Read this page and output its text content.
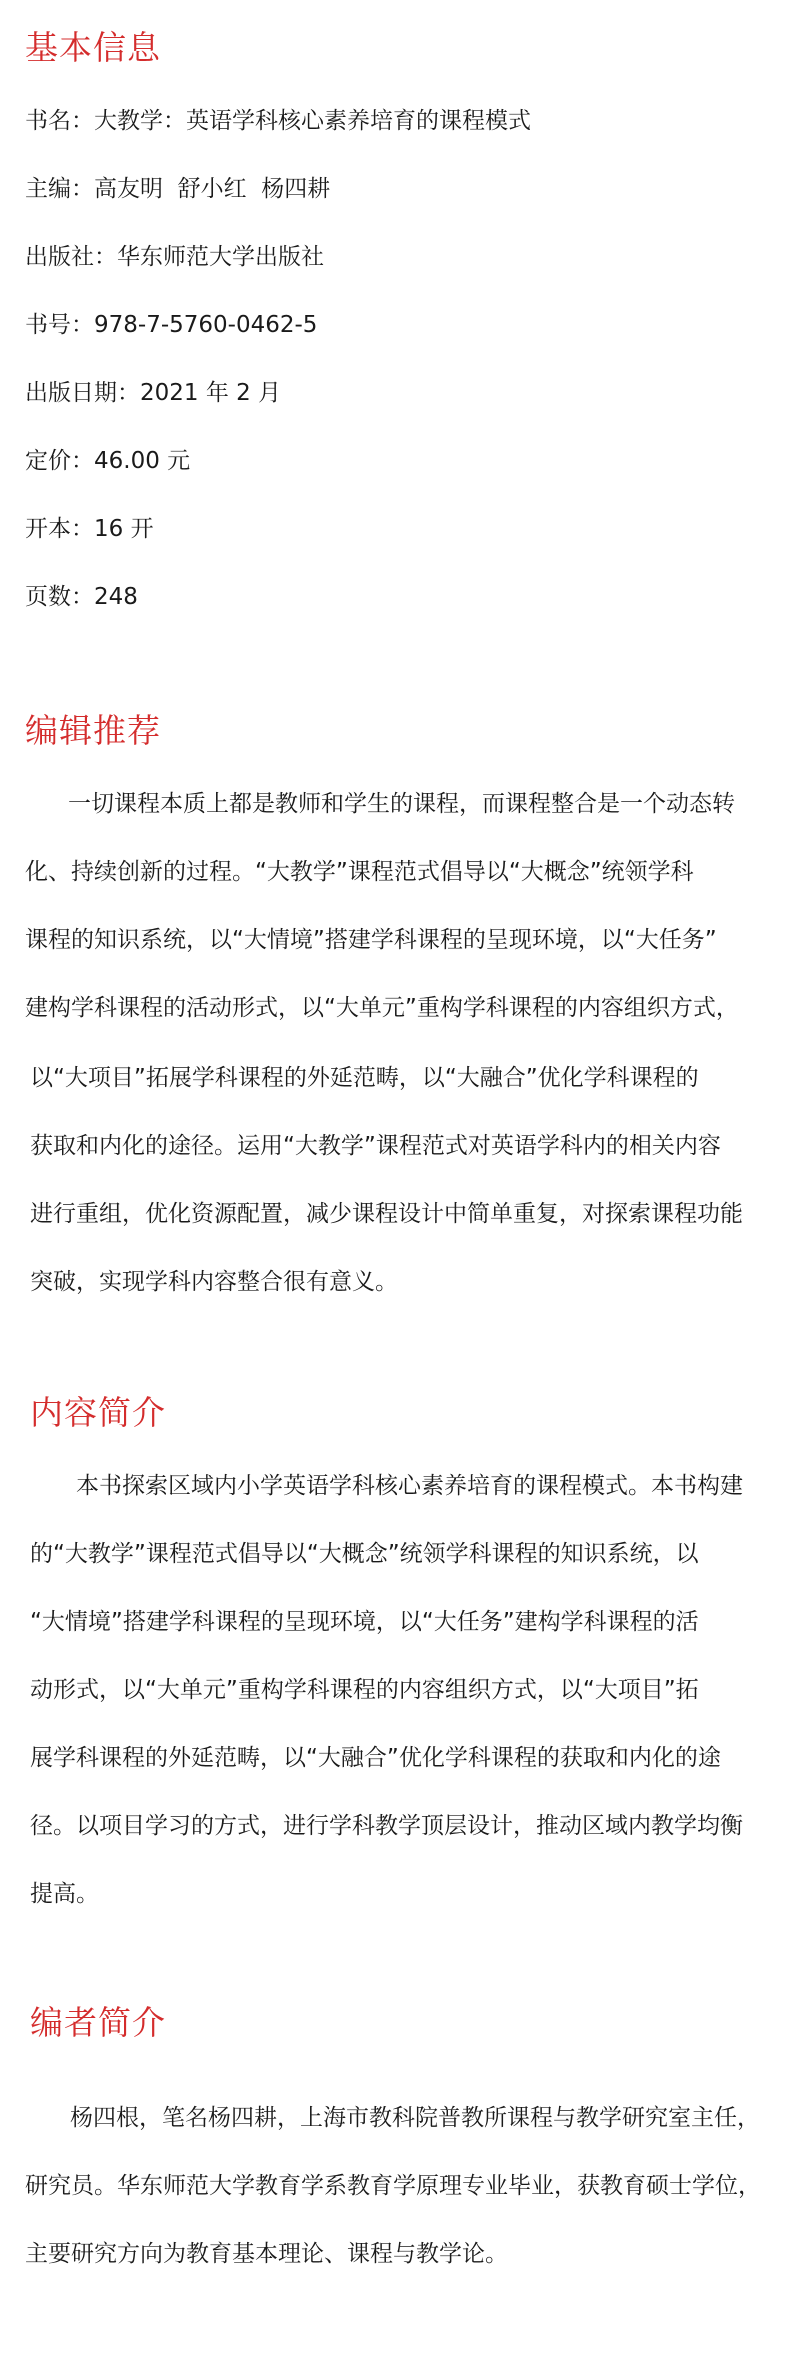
基本信息

书名：大教学：英语学科核心素养培育的课程模式

主编：高友明  舒小红  杨四耕

出版社：华东师范大学出版社

书号：978-7-5760-0462-5

出版日期：2021 年 2 月

定价：46.00 元

开本：16 开

页数：248

编辑推荐
一切课程本质上都是教师和学生的课程，而课程整合是一个动态转
化、持续创新的过程。“大教学”课程范式倡导以“大概念”统领学科
课程的知识系统，以“大情境”搭建学科课程的呈现环境，以“大任务”
建构学科课程的活动形式，以“大单元”重构学科课程的内容组织方式，
以“大项目”拓展学科课程的外延范畴，以“大融合”优化学科课程的
获取和内化的途径。运用“大教学”课程范式对英语学科内的相关内容
进行重组，优化资源配置，减少课程设计中简单重复，对探索课程功能
突破，实现学科内容整合很有意义。
内容简介
本书探索区域内小学英语学科核心素养培育的课程模式。本书构建
的“大教学”课程范式倡导以“大概念”统领学科课程的知识系统，以
“大情境”搭建学科课程的呈现环境，以“大任务”建构学科课程的活
动形式，以“大单元”重构学科课程的内容组织方式，以“大项目”拓
展学科课程的外延范畴，以“大融合”优化学科课程的获取和内化的途
径。以项目学习的方式，进行学科教学顶层设计，推动区域内教学均衡
提高。
编者简介
杨四根，笔名杨四耕，上海市教科院普教所课程与教学研究室主任，
研究员。华东师范大学教育学系教育学原理专业毕业，获教育硕士学位，
主要研究方向为教育基本理论、课程与教学论。
